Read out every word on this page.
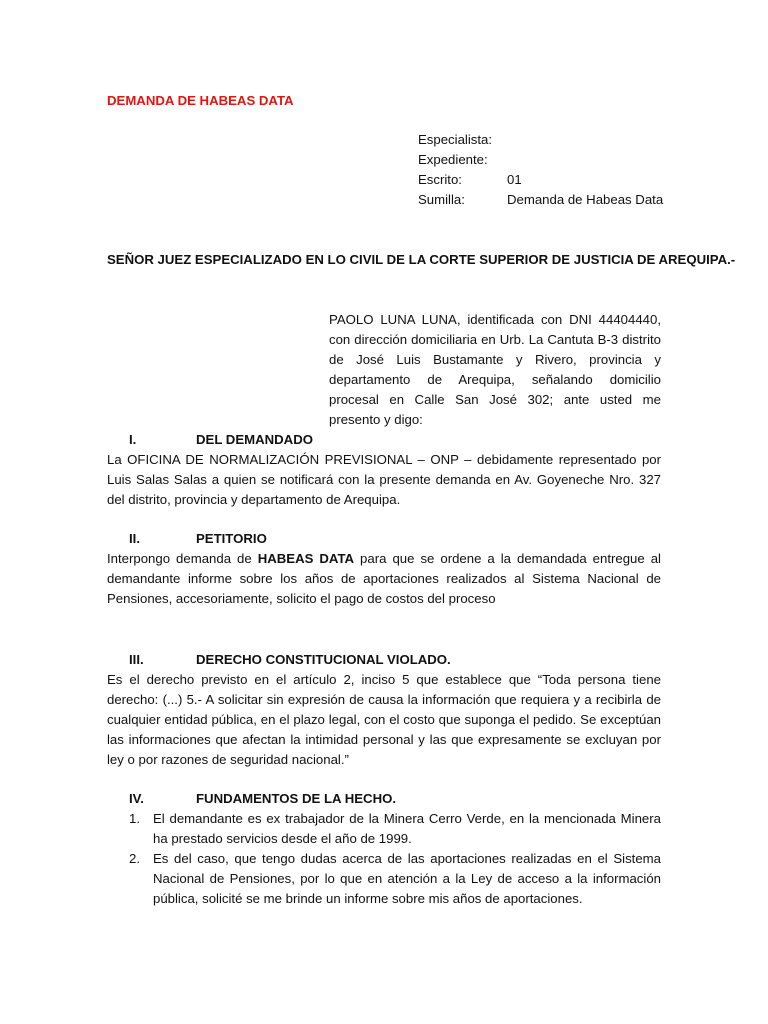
DEMANDA DE HABEAS DATA
Especialista:
Expediente:
Escrito:	01
Sumilla:	Demanda de Habeas Data
SEÑOR JUEZ ESPECIALIZADO EN LO CIVIL DE LA CORTE SUPERIOR DE JUSTICIA DE AREQUIPA.-
PAOLO LUNA LUNA, identificada con DNI 44404440, con dirección domiciliaria en Urb. La Cantuta B-3 distrito de José Luis Bustamante y Rivero, provincia y departamento de Arequipa, señalando domicilio procesal en Calle San José 302; ante usted me presento y digo:
I.	DEL DEMANDADO
La OFICINA DE NORMALIZACIÓN PREVISIONAL – ONP – debidamente representado por Luis Salas Salas a quien se notificará con la presente demanda en Av. Goyeneche Nro. 327 del distrito, provincia y departamento de Arequipa.
II.	PETITORIO
Interpongo demanda de HABEAS DATA para que se ordene a la demandada entregue al demandante informe sobre los años de aportaciones realizados al Sistema Nacional de Pensiones, accesoriamente, solicito el pago de costos del proceso
III.	DERECHO CONSTITUCIONAL VIOLADO.
Es el derecho previsto en el artículo 2, inciso 5 que establece que “Toda persona tiene derecho: (...) 5.- A solicitar sin expresión de causa la información que requiera y a recibirla de cualquier entidad pública, en el plazo legal, con el costo que suponga el pedido. Se exceptúan las informaciones que afectan la intimidad personal y las que expresamente se excluyan por ley o por razones de seguridad nacional.”
IV.	FUNDAMENTOS DE LA HECHO.
1. El demandante es ex trabajador de la Minera Cerro Verde, en la mencionada Minera ha prestado servicios desde el año de 1999.
2. Es del caso, que tengo dudas acerca de las aportaciones realizadas en el Sistema Nacional de Pensiones, por lo que en atención a la Ley de acceso a la información pública, solicité se me brinde un informe sobre mis años de aportaciones.
